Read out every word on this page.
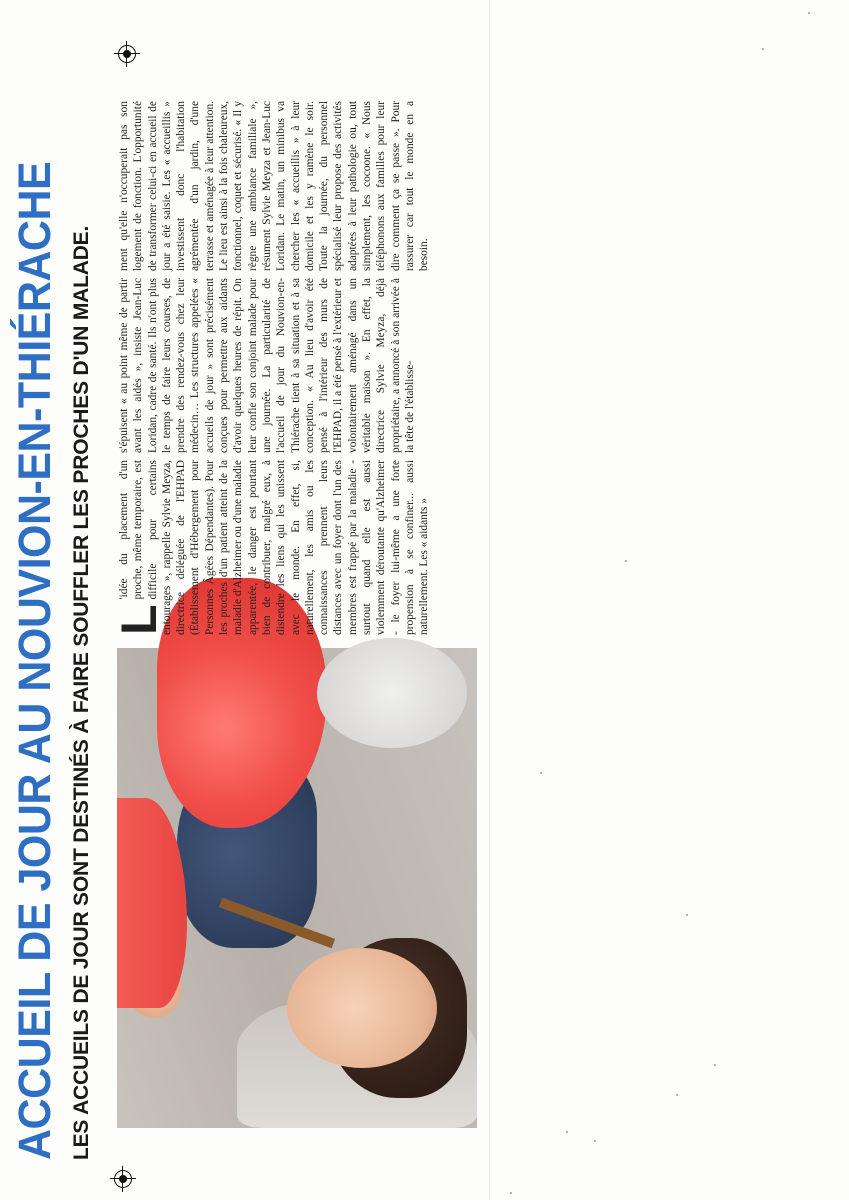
ACCUEIL DE JOUR AU NOUVION-EN-THIÉRACHE LES ACCUEILS DE JOUR SONT DESTINÉS À FAIRE SOUFFLER LES PROCHES D'UN MALADE. L

'idée du placement d'un proche, même temporaire, est difficile pour certains entourages », rappelle Sylvie Meyza, directrice déléguée de l'EHPAD (Établissement d'Hébergement pour Personnes Âgées Dépendantes). Pour les proches d'un patient atteint de la maladie d'Alzheimer ou d'une maladie apparentée, le danger est pourtant bien de contribuer, malgré eux, à distendre les liens qui les unissent avec le monde. En effet, si, naturellement, les amis ou les connaissances prennent leurs distances avec un foyer dont l'un des membres est frappé par la maladie - surtout quand elle est aussi violemment déroutante qu'Alzheimer - le foyer lui-même a une forte propension à se confiner... aussi naturellement. Les « aidants »

s'épuisent « au point même de partir avant les aidés », insiste Jean-Luc Loridan, cadre de santé. Ils n'ont plus le temps de faire leurs courses, de prendre des rendez-vous chez leur médecin… Les structures appelées « accueils de jour » sont précisément conçues pour permettre aux aidants d'avoir quelques heures de répit. On leur confie son conjoint malade pour une journée. La particularité de l'accueil de jour du Nouvion-en-Thiérache tient à sa situation et à sa conception. « Au lieu d'avoir été pensé à l'intérieur des murs de l'EHPAD, il a été pensé à l'extérieur et volontairement aménagé dans un véritable maison ». En effet, la directrice Sylvie Meyza, déjà propriétaire, a annoncé à son arrivée à la tête de l'établisse-

ment qu'elle n'occuperait pas son logement de fonction. L'opportunité de transformer celui-ci en accueil de jour a été saisie. Les « accueillis » investissent donc l'habitation agrémentée d'un jardin, d'une terrasse et aménagée à leur attention. Le lieu est ainsi à la fois chaleureux, fonctionnel, coquet et sécurisé. « Il y règne une ambiance familiale », résument Sylvie Meyza et Jean-Luc Loridan. Le matin, un minibus va chercher les « accueillis » à leur domicile et les y ramène le soir. Toute la journée, du personnel spécialisé leur propose des activités adaptées à leur pathologie ou, tout simplement, les cocoone. « Nous téléphonons aux familles pour leur dire comment ça se passe ». Pour rassurer car tout le monde en a besoin.
